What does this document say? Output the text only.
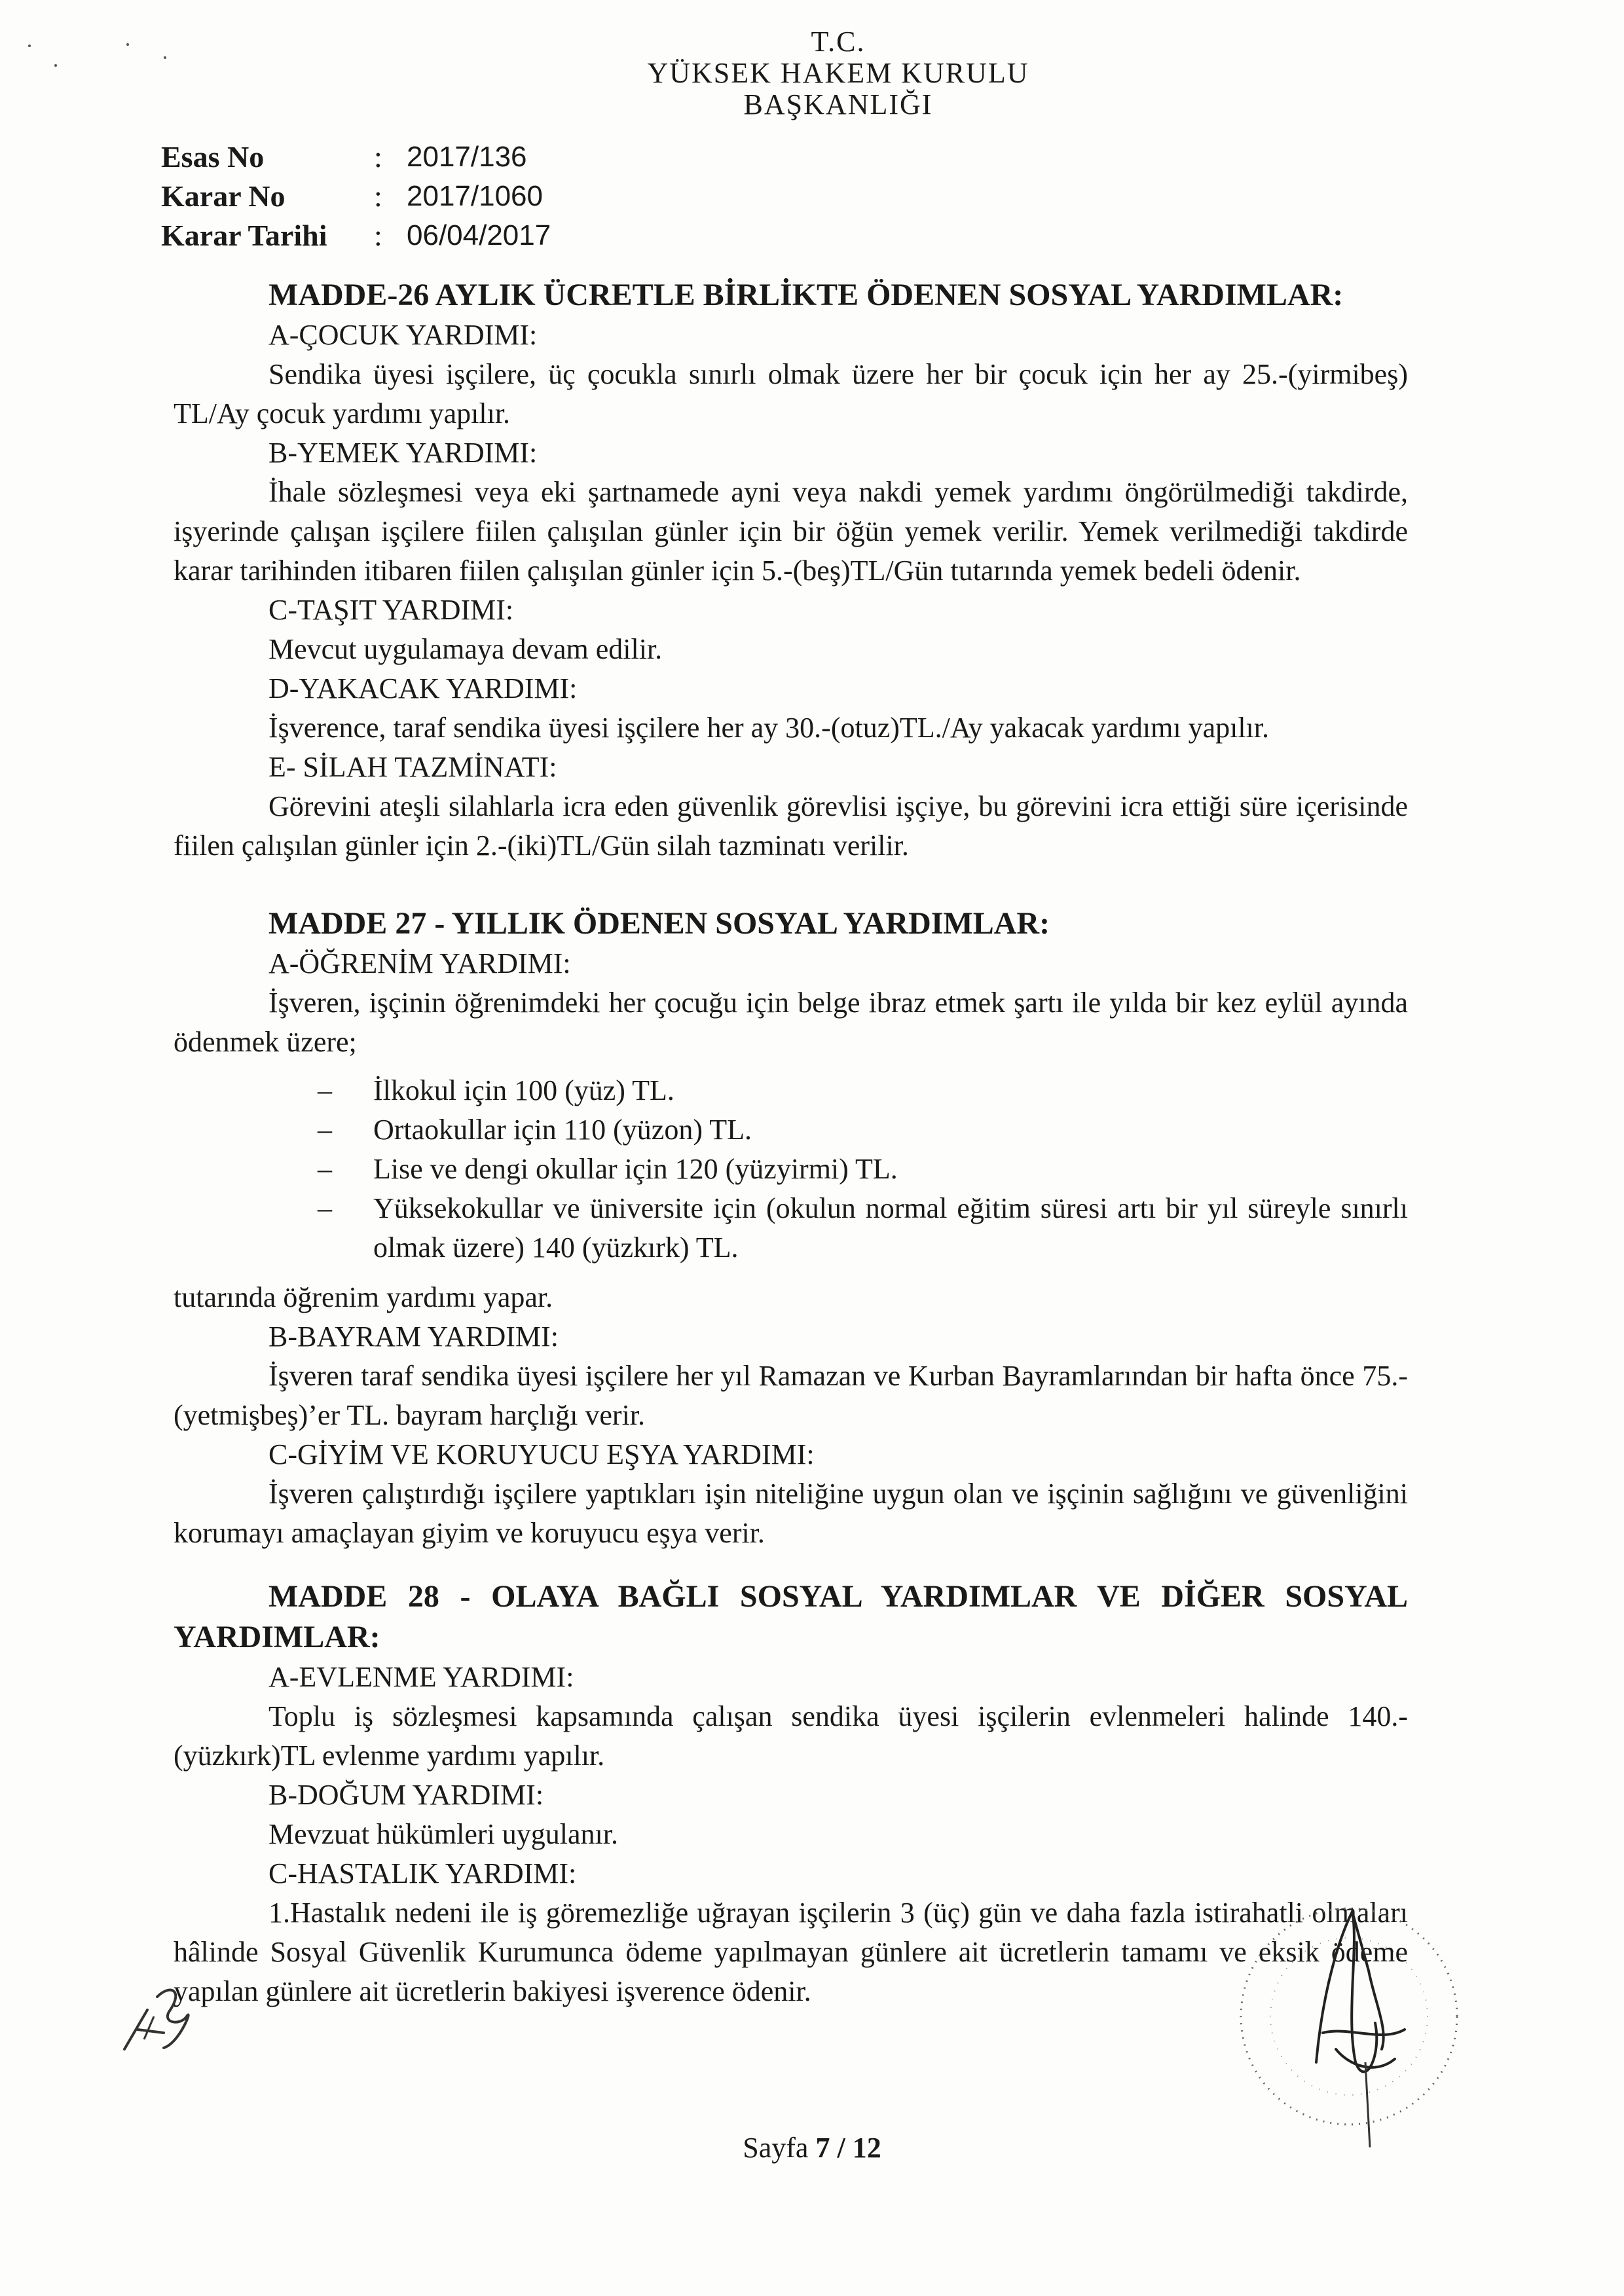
T.C.
YÜKSEK HAKEM KURULU
BAŞKANLIĞI
Esas No	: 2017/136
Karar No	: 2017/1060
Karar Tarihi	: 06/04/2017

MADDE-26 AYLIK ÜCRETLE BİRLİKTE ÖDENEN SOSYAL YARDIMLAR:

A-ÇOCUK YARDIMI:

Sendika üyesi işçilere, üç çocukla sınırlı olmak üzere her bir çocuk için her ay 25.-(yirmibeş) TL/Ay çocuk yardımı yapılır.

B-YEMEK YARDIMI:

İhale sözleşmesi veya eki şartnamede ayni veya nakdi yemek yardımı öngörülmediği takdirde, işyerinde çalışan işçilere fiilen çalışılan günler için bir öğün yemek verilir. Yemek verilmediği takdirde karar tarihinden itibaren fiilen çalışılan günler için 5.-(beş)TL/Gün tutarında yemek bedeli ödenir.

C-TAŞIT YARDIMI:

Mevcut uygulamaya devam edilir.

D-YAKACAK YARDIMI:

İşverence, taraf sendika üyesi işçilere her ay 30.-(otuz)TL./Ay yakacak yardımı yapılır.

E- SİLAH TAZMİNATI:

Görevini ateşli silahlarla icra eden güvenlik görevlisi işçiye, bu görevini icra ettiği süre içerisinde fiilen çalışılan günler için 2.-(iki)TL/Gün silah tazminatı verilir.

MADDE 27 - YILLIK ÖDENEN SOSYAL YARDIMLAR:

A-ÖĞRENİM YARDIMI:

İşveren, işçinin öğrenimdeki her çocuğu için belge ibraz etmek şartı ile yılda bir kez eylül ayında ödenmek üzere;

– İlkokul için 100 (yüz) TL.
– Ortaokullar için 110 (yüzon) TL.
– Lise ve dengi okullar için 120 (yüzyirmi) TL.
– Yüksekokullar ve üniversite için (okulun normal eğitim süresi artı bir yıl süreyle sınırlı olmak üzere) 140 (yüzkırk) TL.

tutarında öğrenim yardımı yapar.

B-BAYRAM YARDIMI:

İşveren taraf sendika üyesi işçilere her yıl Ramazan ve Kurban Bayramlarından bir hafta önce 75.-(yetmişbeş)’er TL. bayram harçlığı verir.

C-GİYİM VE KORUYUCU EŞYA YARDIMI:

İşveren çalıştırdığı işçilere yaptıkları işin niteliğine uygun olan ve işçinin sağlığını ve güvenliğini korumayı amaçlayan giyim ve koruyucu eşya verir.

MADDE 28 - OLAYA BAĞLI SOSYAL YARDIMLAR VE DİĞER SOSYAL YARDIMLAR:

A-EVLENME YARDIMI:

Toplu iş sözleşmesi kapsamında çalışan sendika üyesi işçilerin evlenmeleri halinde 140.-(yüzkırk)TL evlenme yardımı yapılır.

B-DOĞUM YARDIMI:

Mevzuat hükümleri uygulanır.

C-HASTALIK YARDIMI:

1.Hastalık nedeni ile iş göremezliğe uğrayan işçilerin 3 (üç) gün ve daha fazla istirahatli olmaları hâlinde Sosyal Güvenlik Kurumunca ödeme yapılmayan günlere ait ücretlerin tamamı ve eksik ödeme yapılan günlere ait ücretlerin bakiyesi işverence ödenir.

Sayfa 7 / 12
